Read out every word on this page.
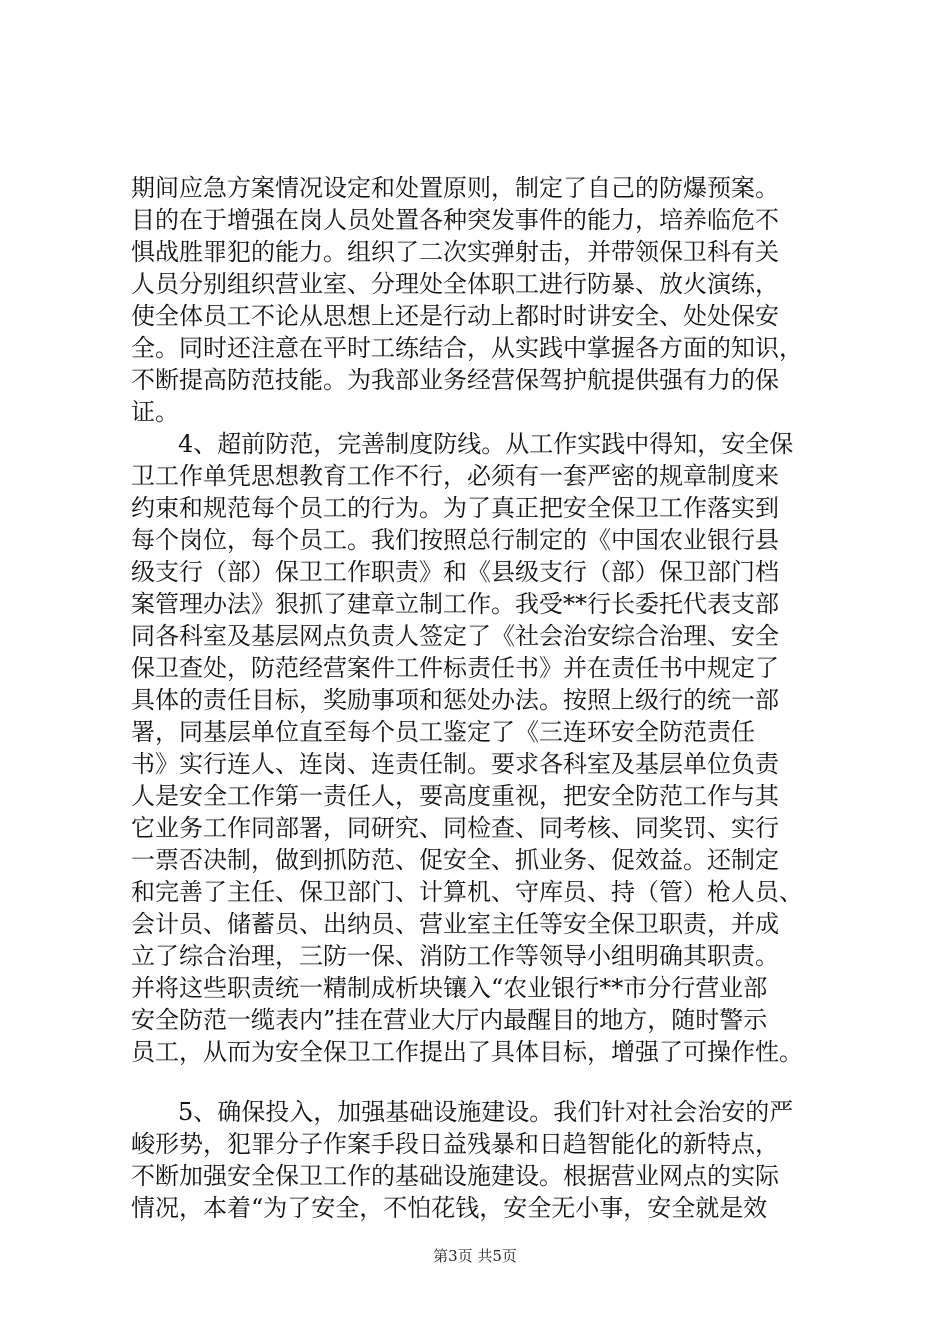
期间应急方案情况设定和处置原则，制定了自己的防爆预案。
目的在于增强在岗人员处置各种突发事件的能力，培养临危不
惧战胜罪犯的能力。组织了二次实弹射击，并带领保卫科有关
人员分别组织营业室、分理处全体职工进行防暴、放火演练，
使全体员工不论从思想上还是行动上都时时讲安全、处处保安
全。同时还注意在平时工练结合，从实践中掌握各方面的知识，
不断提高防范技能。为我部业务经营保驾护航提供强有力的保
证。
4、超前防范，完善制度防线。从工作实践中得知，安全保
卫工作单凭思想教育工作不行，必须有一套严密的规章制度来
约束和规范每个员工的行为。为了真正把安全保卫工作落实到
每个岗位，每个员工。我们按照总行制定的《中国农业银行县
级支行（部）保卫工作职责》和《县级支行（部）保卫部门档
案管理办法》狠抓了建章立制工作。我受**行长委托代表支部
同各科室及基层网点负责人签定了《社会治安综合治理、安全
保卫查处，防范经营案件工件标责任书》并在责任书中规定了
具体的责任目标，奖励事项和惩处办法。按照上级行的统一部
署，同基层单位直至每个员工鉴定了《三连环安全防范责任
书》实行连人、连岗、连责任制。要求各科室及基层单位负责
人是安全工作第一责任人，要高度重视，把安全防范工作与其
它业务工作同部署，同研究、同检查、同考核、同奖罚、实行
一票否决制，做到抓防范、促安全、抓业务、促效益。还制定
和完善了主任、保卫部门、计算机、守库员、持（管）枪人员、
会计员、储蓄员、出纳员、营业室主任等安全保卫职责，并成
立了综合治理，三防一保、消防工作等领导小组明确其职责。
并将这些职责统一精制成析块镶入“农业银行**市分行营业部
安全防范一缆表内”挂在营业大厅内最醒目的地方，随时警示
员工，从而为安全保卫工作提出了具体目标，增强了可操作性。
5、确保投入，加强基础设施建设。我们针对社会治安的严
峻形势，犯罪分子作案手段日益残暴和日趋智能化的新特点，
不断加强安全保卫工作的基础设施建设。根据营业网点的实际
情况，本着“为了安全，不怕花钱，安全无小事，安全就是效
第3页 共5页
